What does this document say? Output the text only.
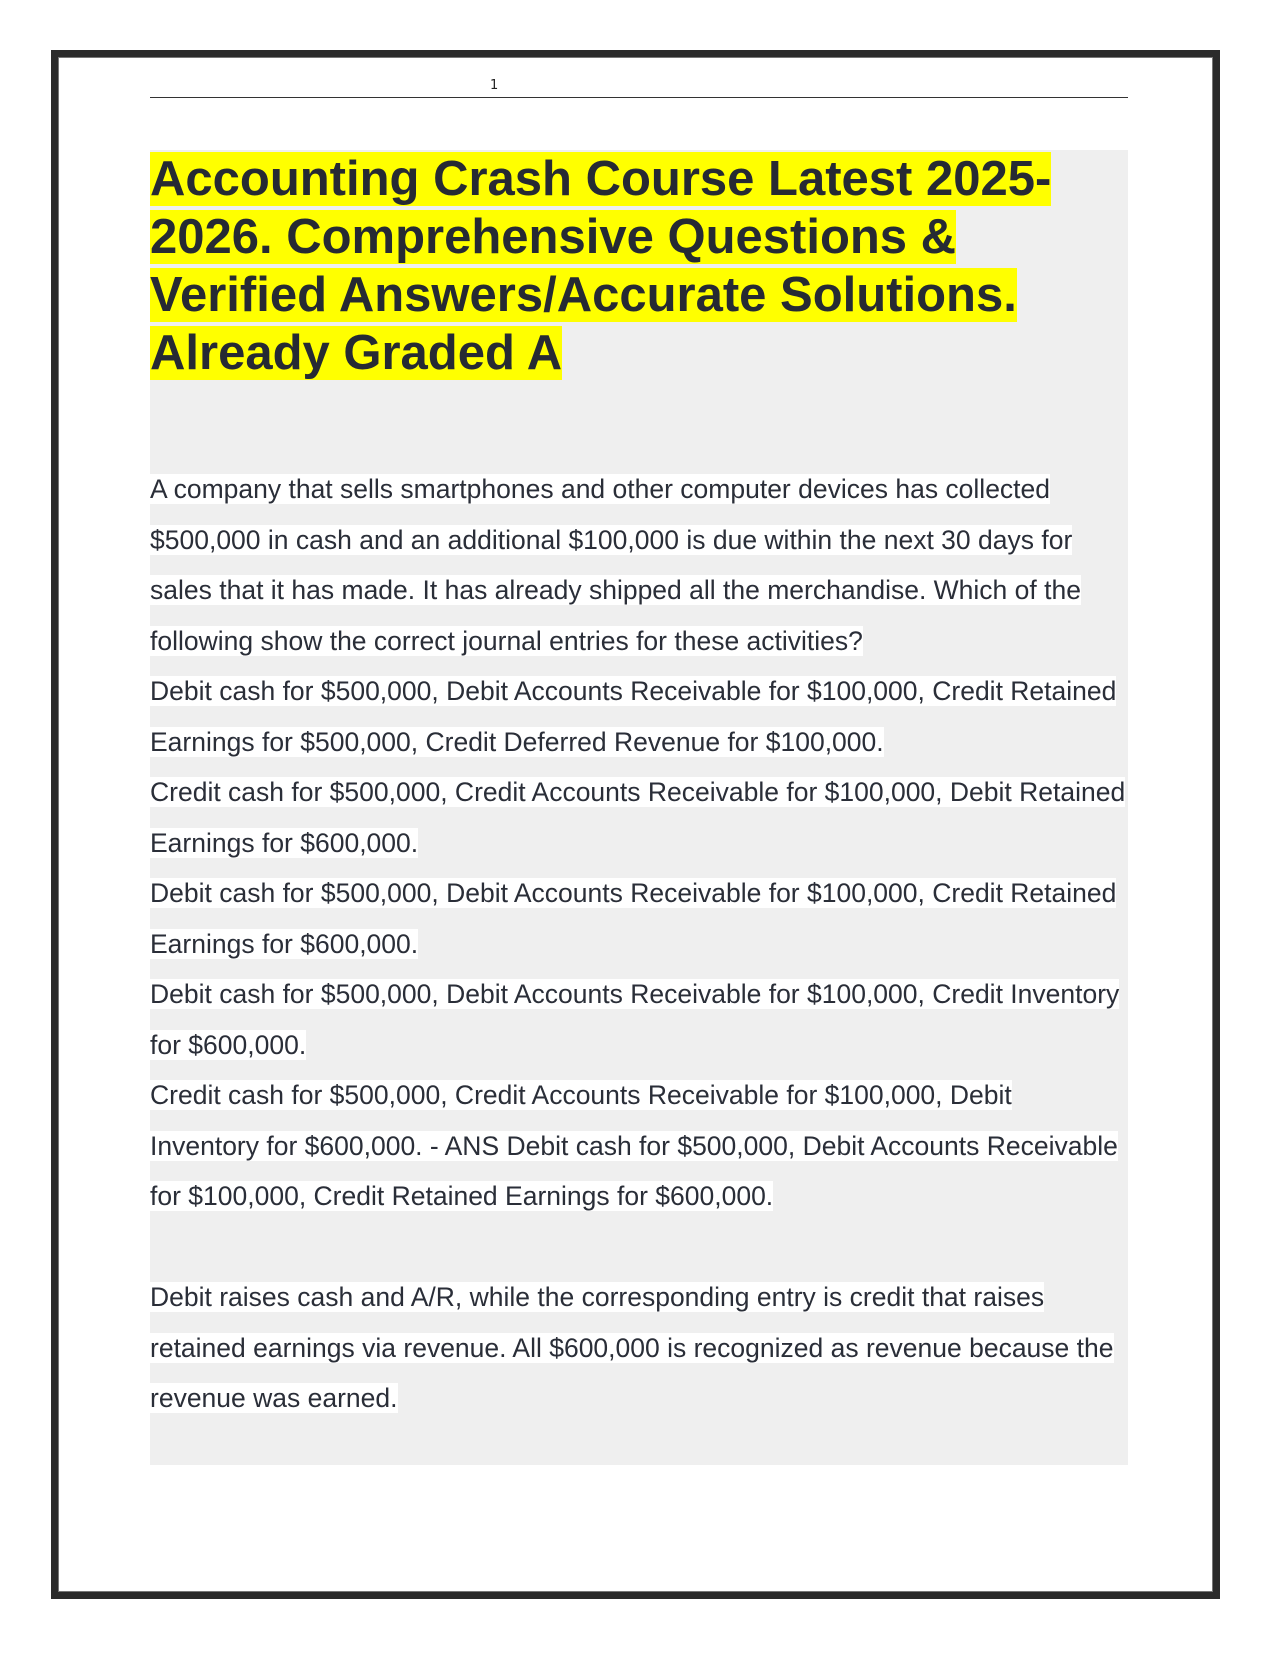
1
Accounting Crash Course Latest 2025-2026. Comprehensive Questions & Verified Answers/Accurate Solutions. Already Graded A

A company that sells smartphones and other computer devices has collected $500,000 in cash and an additional $100,000 is due within the next 30 days for sales that it has made. It has already shipped all the merchandise. Which of the following show the correct journal entries for these activities?

Debit cash for $500,000, Debit Accounts Receivable for $100,000, Credit Retained Earnings for $500,000, Credit Deferred Revenue for $100,000.

Credit cash for $500,000, Credit Accounts Receivable for $100,000, Debit Retained Earnings for $600,000.

Debit cash for $500,000, Debit Accounts Receivable for $100,000, Credit Retained Earnings for $600,000.

Debit cash for $500,000, Debit Accounts Receivable for $100,000, Credit Inventory for $600,000.

Credit cash for $500,000, Credit Accounts Receivable for $100,000, Debit Inventory for $600,000. - ANS Debit cash for $500,000, Debit Accounts Receivable for $100,000, Credit Retained Earnings for $600,000.

Debit raises cash and A/R, while the corresponding entry is credit that raises retained earnings via revenue. All $600,000 is recognized as revenue because the revenue was earned.
